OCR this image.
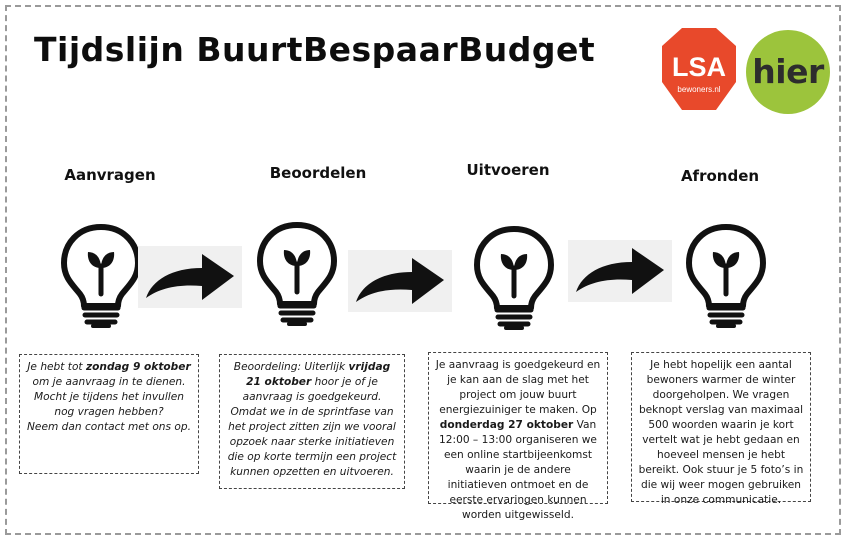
Tijdslijn BuurtBespaarBudget	LSA
bewoners.nl hier
Aanvragen	Beoordelen	Uitvoeren	Afronden
Je hebt tot zondag 9 oktober om je aanvraag in te dienen. Mocht je tijdens het invullen nog vragen hebben?
Neem dan contact met ons op.
Beoordeling: Uiterlijk vrijdag 21 oktober hoor je of je aanvraag is goedgekeurd. Omdat we in de sprintfase van het project zitten zijn we vooral opzoek naar sterke initiatieven die op korte termijn een project kunnen opzetten en uitvoeren.
Je aanvraag is goedgekeurd en je kan aan de slag met het project om jouw buurt energiezuiniger te maken. Op donderdag 27 oktober Van 12:00 – 13:00 organiseren we een online startbijeenkomst waarin je de andere initiatieven ontmoet en de eerste ervaringen kunnen worden uitgewisseld.
Je hebt hopelijk een aantal bewoners warmer de winter doorgeholpen. We vragen beknopt verslag van maximaal 500 woorden waarin je kort vertelt wat je hebt gedaan en hoeveel mensen je hebt bereikt. Ook stuur je 5 foto’s in die wij weer mogen gebruiken in onze communicatie.
